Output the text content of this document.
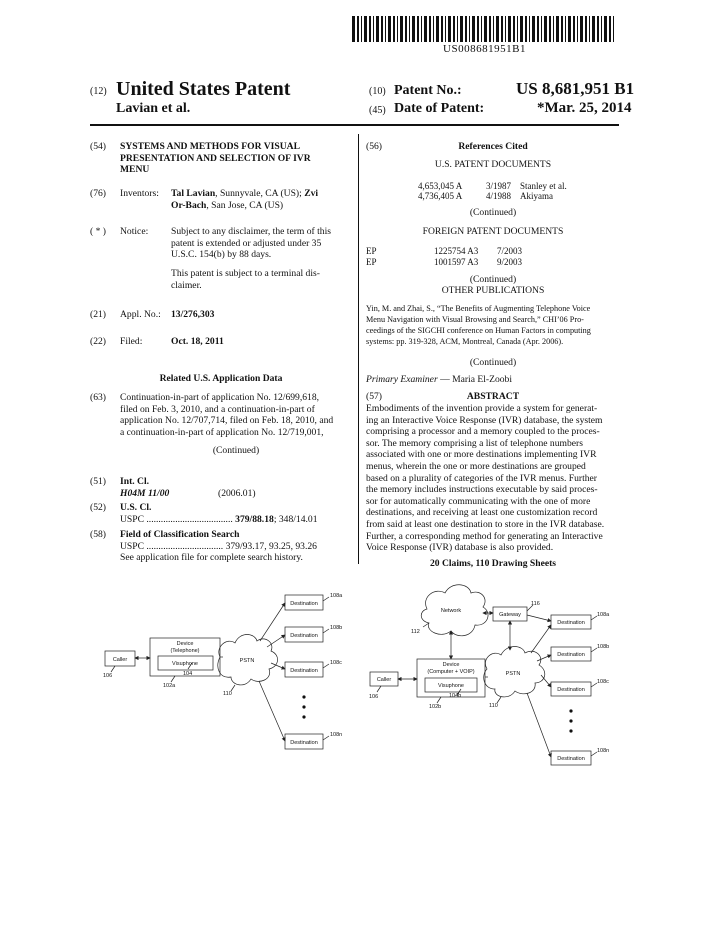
US008681951B1
(12) United States Patent
Lavian et al.
(10) Patent No.:	US 8,681,951 B1
(45) Date of Patent:	*Mar. 25, 2014
(54) SYSTEMS AND METHODS FOR VISUAL
PRESENTATION AND SELECTION OF IVR
MENU
(76) Inventors: Tal Lavian, Sunnyvale, CA (US); Zvi
Or-Bach, San Jose, CA (US)
( * ) Notice: Subject to any disclaimer, the term of this
patent is extended or adjusted under 35
U.S.C. 154(b) by 88 days.
This patent is subject to a terminal dis-
claimer.
(21) Appl. No.: 13/276,303
(22) Filed:	Oct. 18, 2011
Related U.S. Application Data
(63) Continuation-in-part of application No. 12/699,618,
filed on Feb. 3, 2010, and a continuation-in-part of
application No. 12/707,714, filed on Feb. 18, 2010, and
a continuation-in-part of application No. 12/719,001,
(Continued)
(51) Int. Cl.
H04M 11/00	(2006.01)
(52) U.S. Cl.
USPC .................................... 379/88.18; 348/14.01
(58) Field of Classification Search
USPC ................................ 379/93.17, 93.25, 93.26
See application file for complete search history.
(56)	References Cited
U.S. PATENT DOCUMENTS
4,653,045 A	3/1987 Stanley et al.
4,736,405 A	4/1988 Akiyama
(Continued)
FOREIGN PATENT DOCUMENTS
EP	1225754 A3 7/2003
EP	1001597 A3 9/2003
(Continued)
OTHER PUBLICATIONS
Yin, M. and Zhai, S., “The Benefits of Augmenting Telephone Voice
Menu Navigation with Visual Browsing and Search,” CHI’06 Pro-
ceedings of the SIGCHI conference on Human Factors in computing
systems: pp. 319-328, ACM, Montreal, Canada (Apr. 2006).
(Continued)
Primary Examiner — Maria El-Zoobi
(57)	ABSTRACT
Embodiments of the invention provide a system for generat-
ing an Interactive Voice Response (IVR) database, the system
comprising a processor and a memory coupled to the proces-
sor. The memory comprising a list of telephone numbers
associated with one or more destinations implementing IVR
menus, wherein the one or more destinations are grouped
based on a plurality of categories of the IVR menus. Further
the memory includes instructions executable by said proces-
sor for automatically communicating with the one of more
destinations, and receiving at least one customization record
from said at least one destination to store in the IVR database.
Further, a corresponding method for generating an Interactive
Voice Response (IVR) database is also provided.
20 Claims, 110 Drawing Sheets
Caller
106
Device
(Telephone)
Visuphone
104
102a
PSTN
110
Destination
Destination
Destination
Destination
108a
108b
108c
108n
Network
112
Gateway
116
Caller
106
Device
(Computer + VOIP)
Visuphone
104b
102b
PSTN
110
Destination
Destination
Destination
Destination
108a
108b
108c
108n
